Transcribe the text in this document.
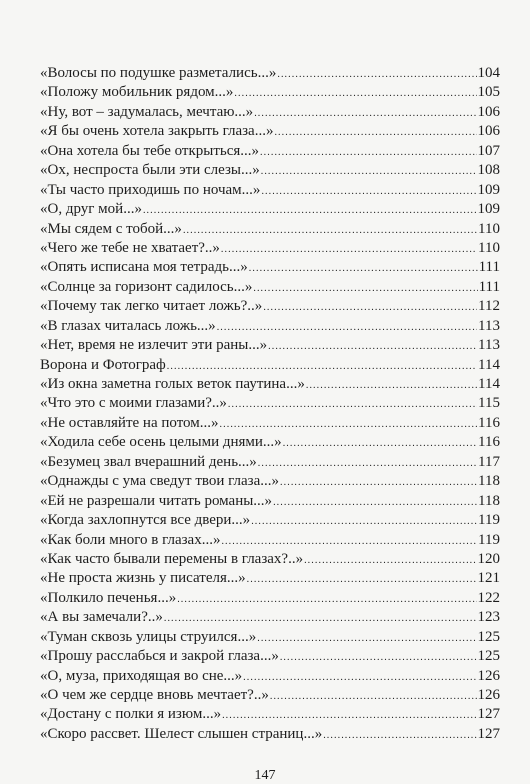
«Волосы по подушке разметались...» .....	104
«Положу мобильник рядом...» .....	105
«Ну, вот – задумалась, мечтаю...» .....	106
«Я бы очень хотела закрыть глаза...» .....	106
«Она хотела бы тебе открыться...» .....	107
«Ох, неспроста были эти слезы...» .....	108
«Ты часто приходишь по ночам...» .....	109
«О, друг мой...» .....	109
«Мы сядем с тобой...» .....	110
«Чего же тебе не хватает?..» .....	110
«Опять исписана моя тетрадь...» .....	111
«Солнце за горизонт садилось...» .....	111
«Почему так легко читает ложь?..» .....	112
«В глазах читалась ложь...» .....	113
«Нет, время не излечит эти раны...» .....	113
Ворона и Фотограф .....	114
«Из окна заметна голых веток паутина...» .....	114
«Что это с моими глазами?..» .....	115
«Не оставляйте на потом...» .....	116
«Ходила себе осень целыми днями...» .....	116
«Безумец звал вчерашний день...» .....	117
«Однажды с ума сведут твои глаза...» .....	118
«Ей не разрешали читать романы...» .....	118
«Когда захлопнутся все двери...» .....	119
«Как боли много в глазах...» .....	119
«Как часто бывали перемены в глазах?..» .....	120
«Не проста жизнь у писателя...» .....	121
«Полкило печенья...» .....	122
«А вы замечали?..» .....	123
«Туман сквозь улицы струился...» .....	125
«Прошу расслабься и закрой глаза...» .....	125
«О, муза, приходящая во сне...» .....	126
«О чем же сердце вновь мечтает?..» .....	126
«Достану с полки я изюм...» .....	127
«Скоро рассвет. Шелест слышен страниц...» .....	127
147
